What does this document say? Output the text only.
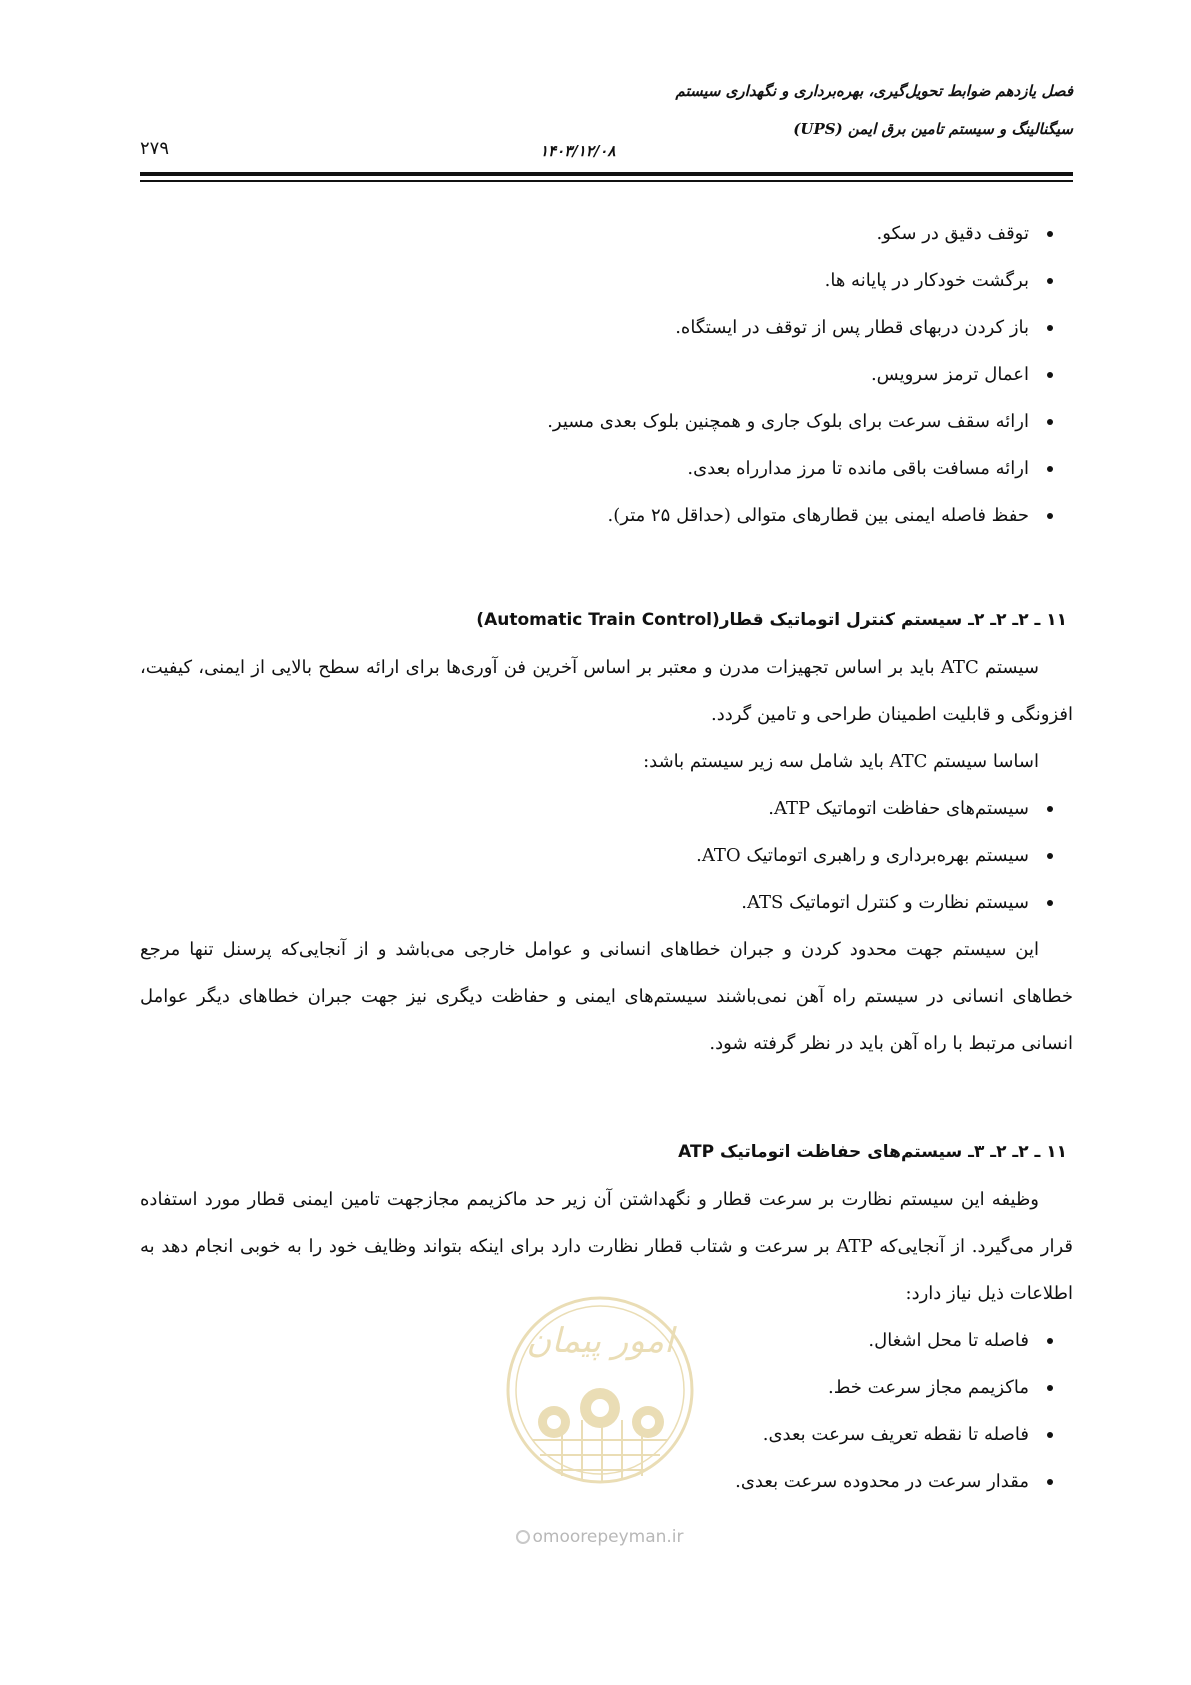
فصل یازدهم ضوابط تحویل‌گیری، بهره‌برداری و نگهداری سیستم
سیگنالینگ و سیستم تامین برق ایمن (UPS)
۱۴۰۳/۱۲/۰۸
۲۷۹
توقف دقیق در سکو.
برگشت خودکار در پایانه ها.
باز کردن دربهای قطار پس از توقف در ایستگاه.
اعمال ترمز سرویس.
ارائه سقف سرعت برای بلوک جاری و همچنین بلوک بعدی مسیر.
ارائه مسافت باقی مانده تا مرز مدارراه بعدی.
حفظ فاصله ایمنی بین قطارهای متوالی (حداقل ۲۵ متر).
۱۱ ـ ۲ـ ۲ـ ۲ـ سیستم کنترل اتوماتیک قطار(Automatic Train Control)

سیستم ATC باید بر اساس تجهیزات مدرن و معتبر بر اساس آخرین فن آوری‌ها برای ارائه سطح بالایی از ایمنی، کیفیت، افزونگی و قابلیت اطمینان طراحی و تامین گردد.

اساسا سیستم ATC باید شامل سه زیر سیستم باشد:

سیستم‌های حفاظت اتوماتیک ATP.
سیستم بهره‌برداری و راهبری اتوماتیک ATO.
سیستم نظارت و کنترل اتوماتیک ATS.

این سیستم جهت محدود کردن و جبران خطاهای انسانی و عوامل خارجی می‌باشد و از آنجایی‌که پرسنل تنها مرجع خطاهای انسانی در سیستم راه آهن نمی‌باشند سیستم‌های ایمنی و حفاظت دیگری نیز جهت جبران خطاهای دیگر عوامل انسانی مرتبط با راه آهن باید در نظر گرفته شود.

۱۱ ـ ۲ـ ۲ـ ۳ـ سیستم‌های حفاظت اتوماتیک ATP

وظیفه این سیستم نظارت بر سرعت قطار و نگهداشتن آن زیر حد ماکزیمم مجازجهت تامین ایمنی قطار مورد استفاده قرار می‌گیرد. از آنجایی‌که ATP بر سرعت و شتاب قطار نظارت دارد برای اینکه بتواند وظایف خود را به خوبی انجام دهد به اطلاعات ذیل نیاز دارد:

فاصله تا محل اشغال.
ماکزیمم مجاز سرعت خط.
فاصله تا نقطه تعریف سرعت بعدی.
مقدار سرعت در محدوده سرعت بعدی.
امور پیمان
omoorepeyman.ir
